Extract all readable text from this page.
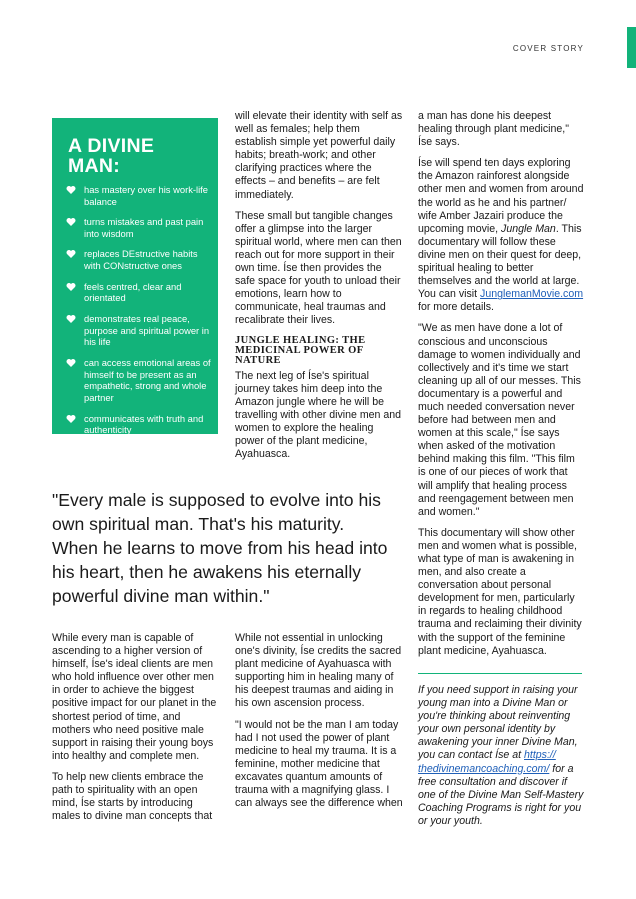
COVER STORY
A DIVINE
MAN:
has mastery over his work-life balance
turns mistakes and past pain into wisdom
replaces DEstructive habits with CONstructive ones
feels centred, clear and orientated
demonstrates real peace, purpose and spiritual power in his life
can access emotional areas of himself to be present as an empathetic, strong and whole partner
communicates with truth and authenticity

will elevate their identity with self as well as females; help them establish simple yet powerful daily habits; breath-work; and other clarifying practices where the effects – and benefits – are felt immediately.

These small but tangible changes offer a glimpse into the larger spiritual world, where men can then reach out for more support in their own time. Íse then provides the safe space for youth to unload their emotions, learn how to communicate, heal traumas and recalibrate their lives.

JUNGLE HEALING: THE MEDICINAL POWER OF NATURE

The next leg of Íse's spiritual journey takes him deep into the Amazon jungle where he will be travelling with other divine men and women to explore the healing power of the plant medicine, Ayahuasca.

a man has done his deepest healing through plant medicine," Íse says.

Íse will spend ten days exploring the Amazon rainforest alongside other men and women from around the world as he and his partner/ wife Amber Jazairi produce the upcoming movie, Jungle Man. This documentary will follow these divine men on their quest for deep, spiritual healing to better themselves and the world at large. You can visit JunglemanMovie.com for more details.

"We as men have done a lot of conscious and unconscious damage to women individually and collectively and it's time we start cleaning up all of our messes. This documentary is a powerful and much needed conversation never before had between men and women at this scale," Íse says when asked of the motivation behind making this film. "This film is one of our pieces of work that will amplify that healing process and reengagement between men and women."

This documentary will show other men and women what is possible, what type of man is awakening in men, and also create a conversation about personal development for men, particularly in regards to healing childhood trauma and reclaiming their divinity with the support of the feminine plant medicine, Ayahuasca.

If you need support in raising your young man into a Divine Man or you're thinking about reinventing your own personal identity by awakening your inner Divine Man, you can contact Íse at https:// thedivinemancoaching.com/ for a free consultation and discover if one of the Divine Man Self-Mastery Coaching Programs is right for you or your youth.

"Every male is supposed to evolve into his own spiritual man. That's his maturity. When he learns to move from his head into his heart, then he awakens his eternally powerful divine man within."

While every man is capable of ascending to a higher version of himself, Íse's ideal clients are men who hold influence over other men in order to achieve the biggest positive impact for our planet in the shortest period of time, and mothers who need positive male support in raising their young boys into healthy and complete men.

To help new clients embrace the path to spirituality with an open mind, Íse starts by introducing males to divine man concepts that

While not essential in unlocking one's divinity, Íse credits the sacred plant medicine of Ayahuasca with supporting him in healing many of his deepest traumas and aiding in his own ascension process.

"I would not be the man I am today had I not used the power of plant medicine to heal my trauma. It is a feminine, mother medicine that excavates quantum amounts of trauma with a magnifying glass. I can always see the difference when
